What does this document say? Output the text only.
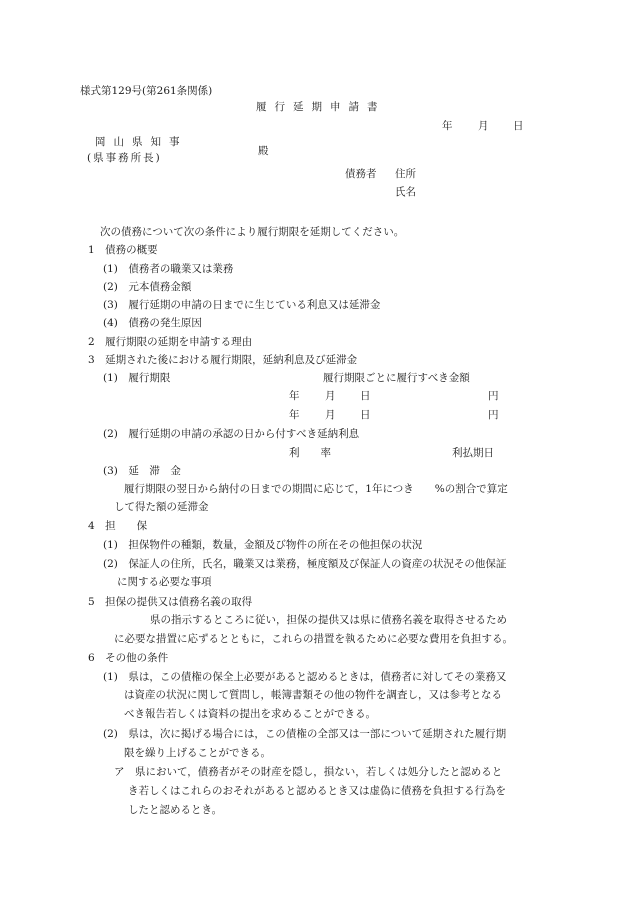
様式第129号(第261条関係)
履行延期申請書
年 月 日
岡山県知事
(県事務所長)
殿
債務者 住所
氏名
次の債務について次の条件により履行期限を延期してください。
1　債務の概要
(1)　債務者の職業又は業務
(2)　元本債務金額
(3)　履行延期の申請の日までに生じている利息又は延滞金
(4)　債務の発生原因
2　履行期限の延期を申請する理由
3　延期された後における履行期限，延納利息及び延滞金
(1)　履行期限	履行期限ごとに履行すべき金額
年 月 日	円
年 月 日	円
(2)　履行延期の申請の承認の日から付すべき延納利息
利　　率	利払期日
(3)　延　滞　金
履行期限の翌日から納付の日までの期間に応じて，1年につき　　%の割合で算定
して得た額の延滞金
4　担　　保
(1)　担保物件の種類，数量，金額及び物件の所在その他担保の状況
(2)　保証人の住所，氏名，職業又は業務，極度額及び保証人の資産の状況その他保証
に関する必要な事項
5　担保の提供又は債務名義の取得
県の指示するところに従い，担保の提供又は県に債務名義を取得させるため
に必要な措置に応ずるとともに，これらの措置を執るために必要な費用を負担する。
6　その他の条件
(1)　県は，この債権の保全上必要があると認めるときは，債務者に対してその業務又
は資産の状況に関して質問し，帳簿書類その他の物件を調査し，又は参考となる
べき報告若しくは資料の提出を求めることができる。
(2)　県は，次に掲げる場合には，この債権の全部又は一部について延期された履行期
限を繰り上げることができる。
ア　県において，債務者がその財産を隠し，損ない，若しくは処分したと認めると
き若しくはこれらのおそれがあると認めるとき又は虚偽に債務を負担する行為を
したと認めるとき。
